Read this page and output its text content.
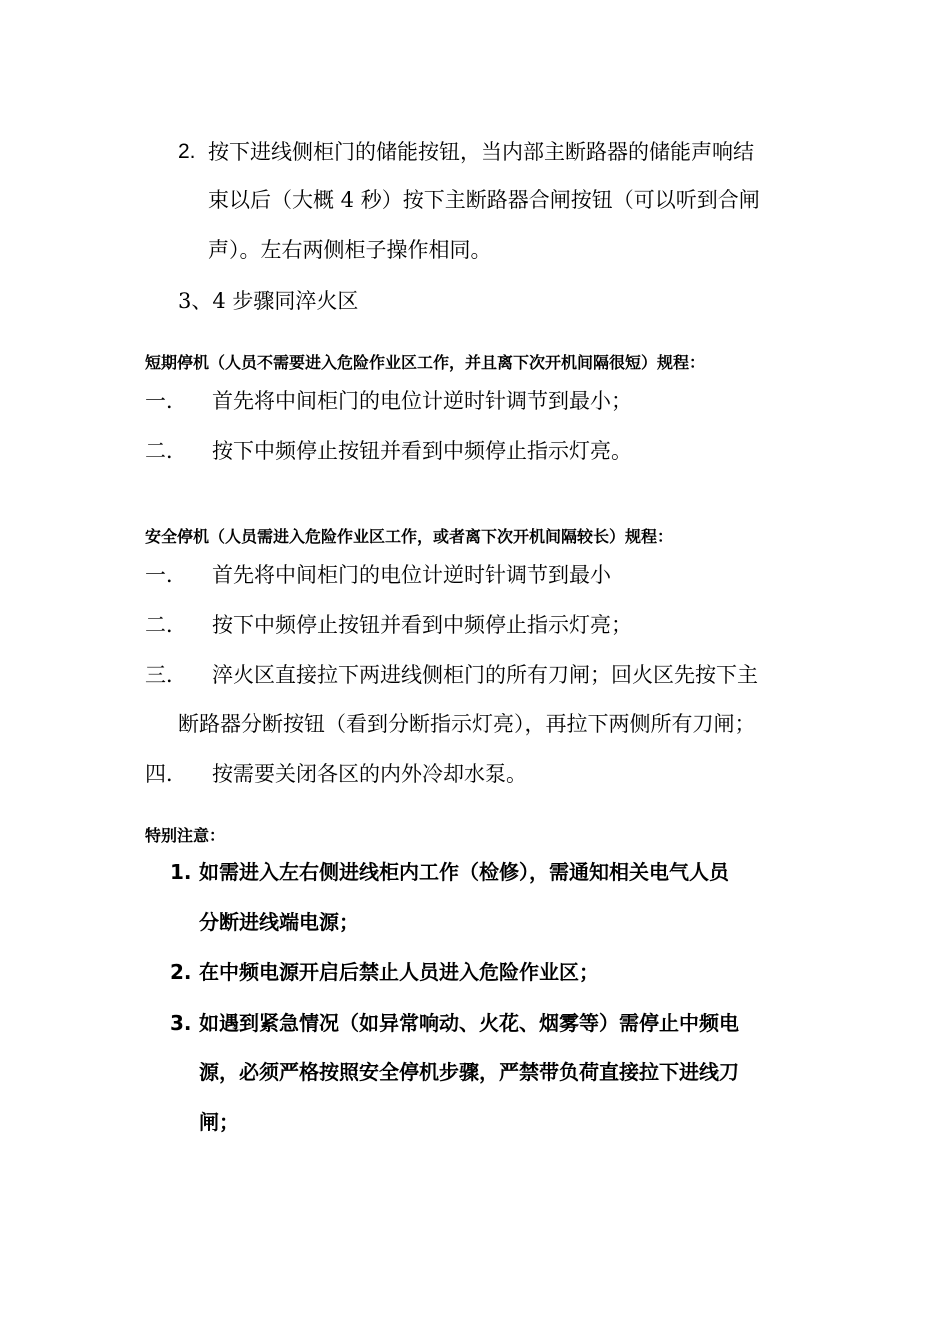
2. 按下进线侧柜门的储能按钮，当内部主断路器的储能声响结
束以后（大概 4 秒）按下主断路器合闸按钮（可以听到合闸
声）。左右两侧柜子操作相同。
3、4 步骤同淬火区
短期停机（人员不需要进入危险作业区工作，并且离下次开机间隔很短）规程：
一． 首先将中间柜门的电位计逆时针调节到最小；
二． 按下中频停止按钮并看到中频停止指示灯亮。
安全停机（人员需进入危险作业区工作，或者离下次开机间隔较长）规程：
一． 首先将中间柜门的电位计逆时针调节到最小
二． 按下中频停止按钮并看到中频停止指示灯亮；
三． 淬火区直接拉下两进线侧柜门的所有刀闸；回火区先按下主
断路器分断按钮（看到分断指示灯亮），再拉下两侧所有刀闸；
四． 按需要关闭各区的内外冷却水泵。
特别注意：
1. 如需进入左右侧进线柜内工作（检修），需通知相关电气人员
分断进线端电源；
2. 在中频电源开启后禁止人员进入危险作业区；
3. 如遇到紧急情况（如异常响动、火花、烟雾等）需停止中频电
源，必须严格按照安全停机步骤，严禁带负荷直接拉下进线刀
闸；
